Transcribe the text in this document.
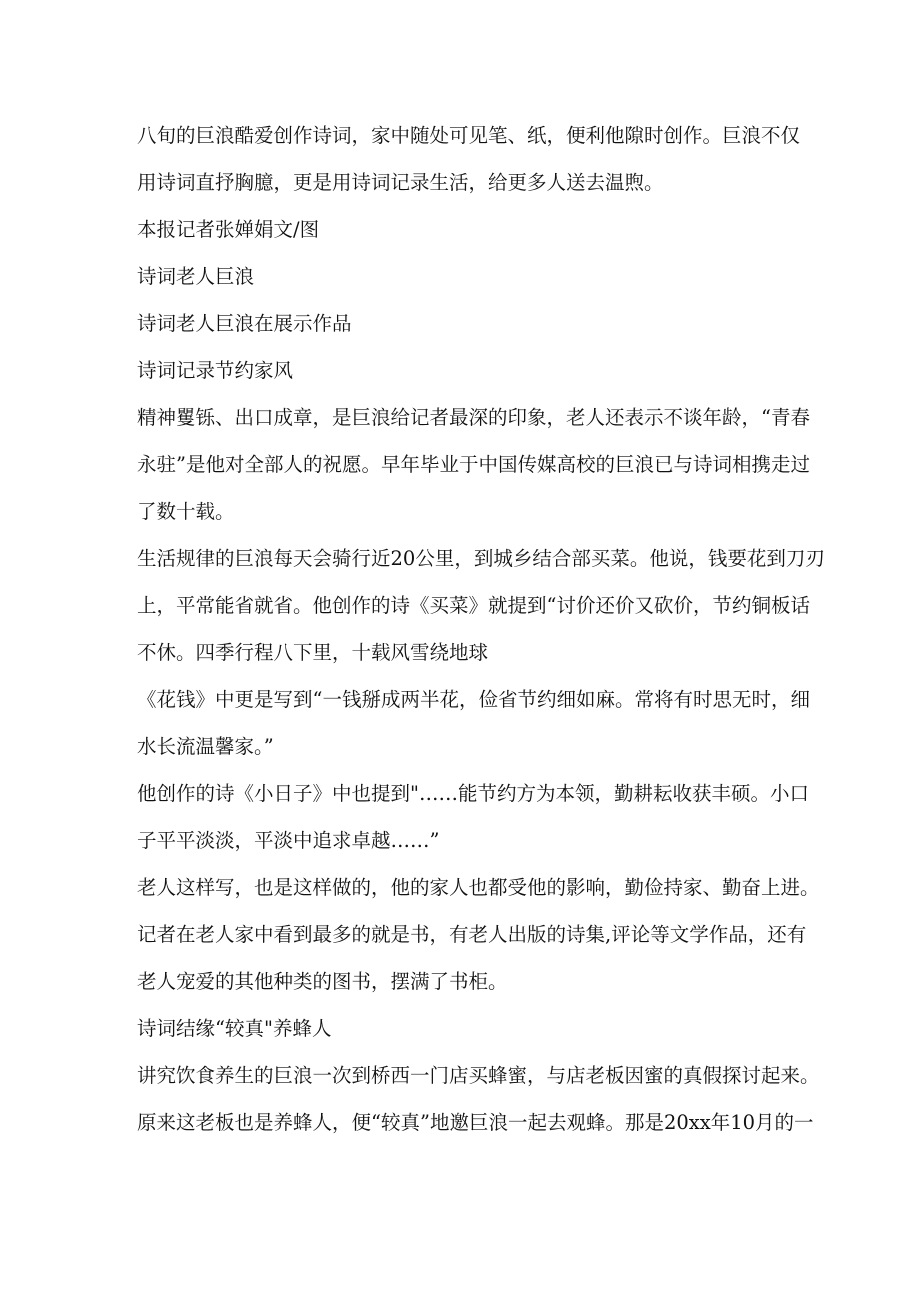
八旬的巨浪酷爱创作诗词，家中随处可见笔、纸，便利他隙时创作。巨浪不仅
用诗词直抒胸臆，更是用诗词记录生活，给更多人送去温煦。

本报记者张婵娟文/图

诗词老人巨浪

诗词老人巨浪在展示作品

诗词记录节约家风

精神矍铄、出口成章，是巨浪给记者最深的印象，老人还表示不谈年龄，“青春
永驻”是他对全部人的祝愿。早年毕业于中国传媒高校的巨浪已与诗词相携走过
了数十载。

生活规律的巨浪每天会骑行近20公里，到城乡结合部买菜。他说，钱要花到刀刃
上，平常能省就省。他创作的诗《买菜》就提到“讨价还价又砍价，节约铜板话
不休。四季行程八下里，十载风雪绕地球

《花钱》中更是写到“一钱掰成两半花，俭省节约细如麻。常将有时思无时，细
水长流温馨家。”

他创作的诗《小日子》中也提到"……能节约方为本领，勤耕耘收获丰硕。小口
子平平淡淡，平淡中追求卓越……”

老人这样写，也是这样做的，他的家人也都受他的影响，勤俭持家、勤奋上进。
记者在老人家中看到最多的就是书，有老人出版的诗集,评论等文学作品，还有
老人宠爱的其他种类的图书，摆满了书柜。

诗词结缘“较真"养蜂人

讲究饮食养生的巨浪一次到桥西一门店买蜂蜜，与店老板因蜜的真假探讨起来。
原来这老板也是养蜂人，便“较真”地邀巨浪一起去观蜂。那是20xx年10月的一
